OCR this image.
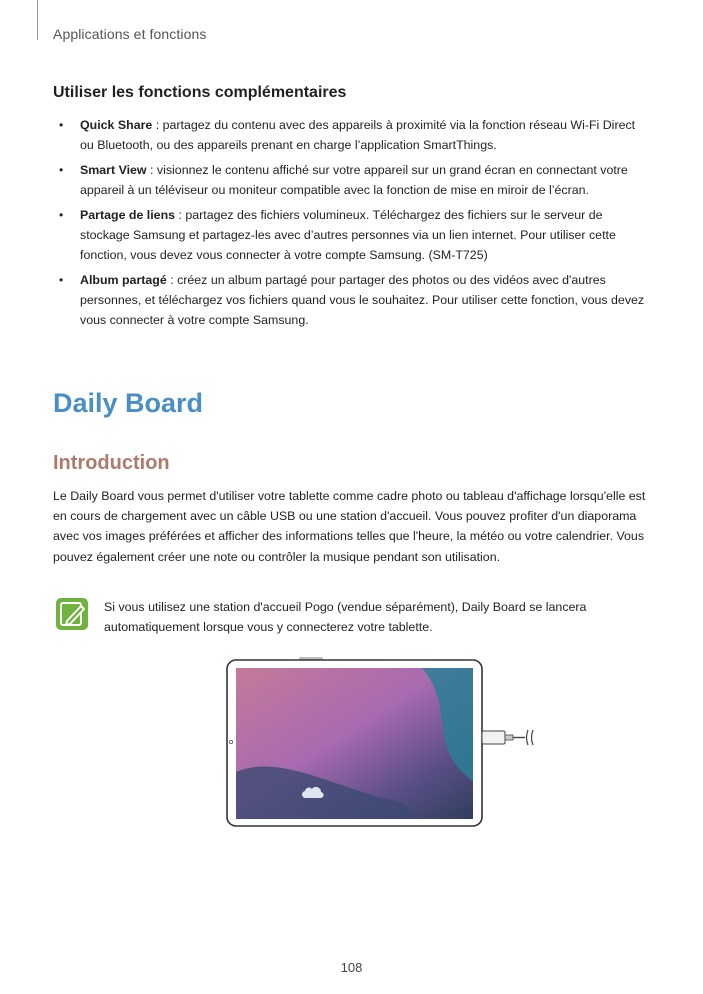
Applications et fonctions
Utiliser les fonctions complémentaires
• Quick Share : partagez du contenu avec des appareils à proximité via la fonction réseau Wi-Fi Direct ou Bluetooth, ou des appareils prenant en charge l’application SmartThings.
• Smart View : visionnez le contenu affiché sur votre appareil sur un grand écran en connectant votre appareil à un téléviseur ou moniteur compatible avec la fonction de mise en miroir de l’écran.
• Partage de liens : partagez des fichiers volumineux. Téléchargez des fichiers sur le serveur de stockage Samsung et partagez-les avec d’autres personnes via un lien internet. Pour utiliser cette fonction, vous devez vous connecter à votre compte Samsung. (SM-T725)
• Album partagé : créez un album partagé pour partager des photos ou des vidéos avec d'autres personnes, et téléchargez vos fichiers quand vous le souhaitez. Pour utiliser cette fonction, vous devez vous connecter à votre compte Samsung.
Daily Board
Introduction

Le Daily Board vous permet d'utiliser votre tablette comme cadre photo ou tableau d'affichage lorsqu'elle est en cours de chargement avec un câble USB ou une station d'accueil. Vous pouvez profiter d'un diaporama avec vos images préférées et afficher des informations telles que l'heure, la météo ou votre calendrier. Vous pouvez également créer une note ou contrôler la musique pendant son utilisation.

Si vous utilisez une station d'accueil Pogo (vendue séparément), Daily Board se lancera automatiquement lorsque vous y connecterez votre tablette.

108
